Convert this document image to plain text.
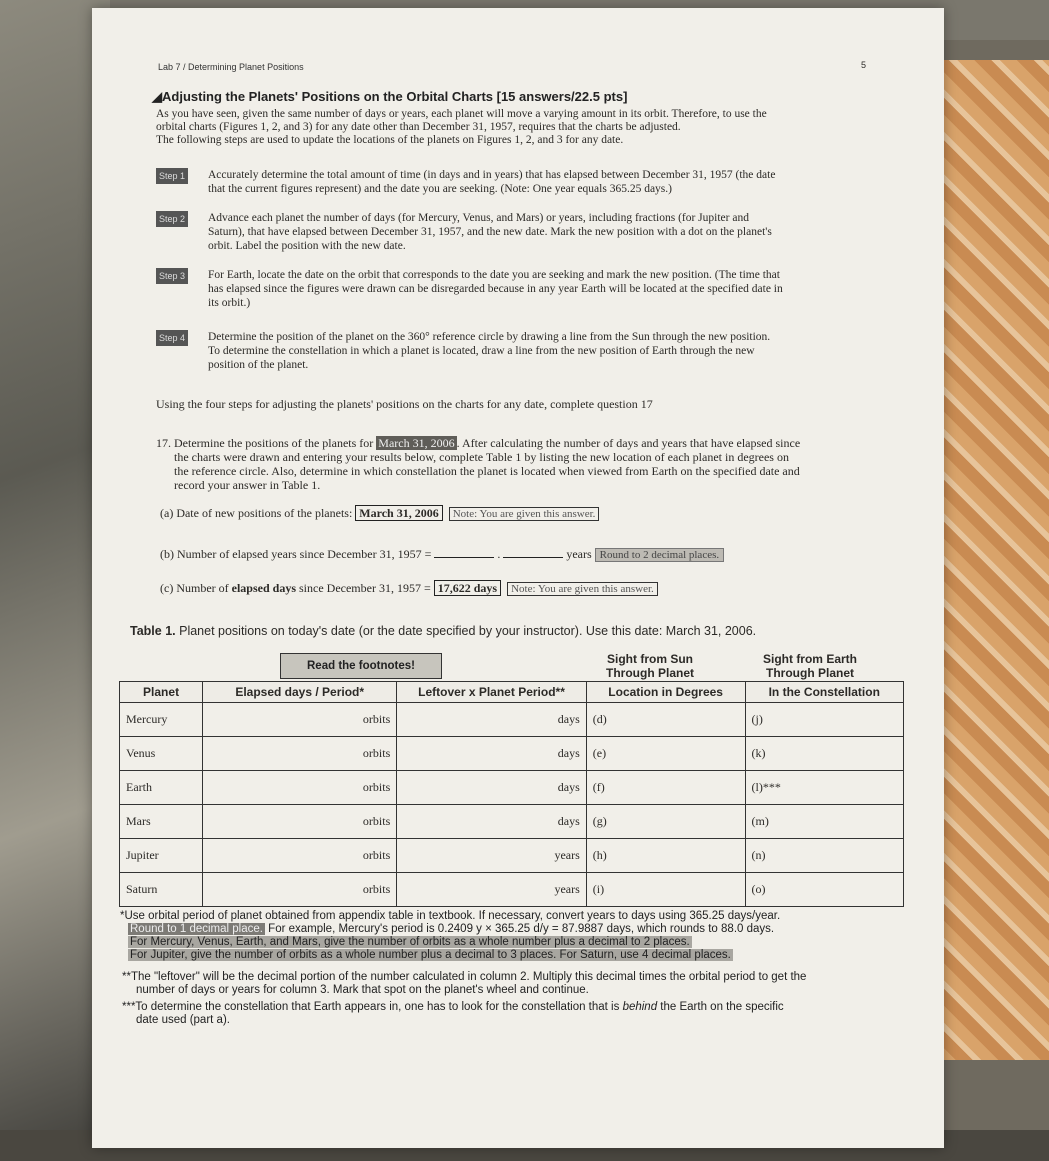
Lab 7 / Determining Planet Positions	5
◢Adjusting the Planets' Positions on the Orbital Charts [15 answers/22.5 pts]
As you have seen, given the same number of days or years, each planet will move a varying amount in its orbit. Therefore, to use the
orbital charts (Figures 1, 2, and 3) for any date other than December 31, 1957, requires that the charts be adjusted.
The following steps are used to update the locations of the planets on Figures 1, 2, and 3 for any date.
Step 1 Accurately determine the total amount of time (in days and in years) that has elapsed between December 31, 1957 (the date
that the current figures represent) and the date you are seeking. (Note: One year equals 365.25 days.)
Step 2 Advance each planet the number of days (for Mercury, Venus, and Mars) or years, including fractions (for Jupiter and
Saturn), that have elapsed between December 31, 1957, and the new date. Mark the new position with a dot on the planet's
orbit. Label the position with the new date.
Step 3 For Earth, locate the date on the orbit that corresponds to the date you are seeking and mark the new position. (The time that
has elapsed since the figures were drawn can be disregarded because in any year Earth will be located at the specified date in
its orbit.)
Step 4 Determine the position of the planet on the 360° reference circle by drawing a line from the Sun through the new position.
To determine the constellation in which a planet is located, draw a line from the new position of Earth through the new
position of the planet.
Using the four steps for adjusting the planets' positions on the charts for any date, complete question 17
17. Determine the positions of the planets for March 31, 2006 . After calculating the number of days and years that have elapsed since
the charts were drawn and entering your results below, complete Table 1 by listing the new location of each planet in degrees on
the reference circle. Also, determine in which constellation the planet is located when viewed from Earth on the specified date and
record your answer in Table 1.
(a) Date of new positions of the planets: March 31, 2006 Note: You are given this answer.
(b) Number of elapsed years since December 31, 1957 =	.	years Round to 2 decimal places.
(c) Number of elapsed days since December 31, 1957 = 17,622 days Note: You are given this answer.
Table 1. Planet positions on today's date (or the date specified by your instructor). Use this date: March 31, 2006.
Read the footnotes!	Sight from Sun
Through Planet
Sight from Earth
Through Planet
Planet	Elapsed days / Period*	Leftover x Planet Period**	Location in Degrees	In the Constellation
Mercury	orbits	days	(d)	(j)
Venus	orbits	days	(e)	(k)
Earth	orbits	days	(f)	(l)***
Mars	orbits	days	(g)	(m)
Jupiter	orbits	years	(h)	(n)
Saturn	orbits	years	(i)	(o)
*Use orbital period of planet obtained from appendix table in textbook. If necessary, convert years to days using 365.25 days/year.
Round to 1 decimal place. For example, Mercury's period is 0.2409 y × 365.25 d/y = 87.9887 days, which rounds to 88.0 days.
For Mercury, Venus, Earth, and Mars, give the number of orbits as a whole number plus a decimal to 2 places.
For Jupiter, give the number of orbits as a whole number plus a decimal to 3 places. For Saturn, use 4 decimal places.
**The "leftover" will be the decimal portion of the number calculated in column 2. Multiply this decimal times the orbital period to get the
number of days or years for column 3. Mark that spot on the planet's wheel and continue.
***To determine the constellation that Earth appears in, one has to look for the constellation that is behind the Earth on the specific
date used (part a).
